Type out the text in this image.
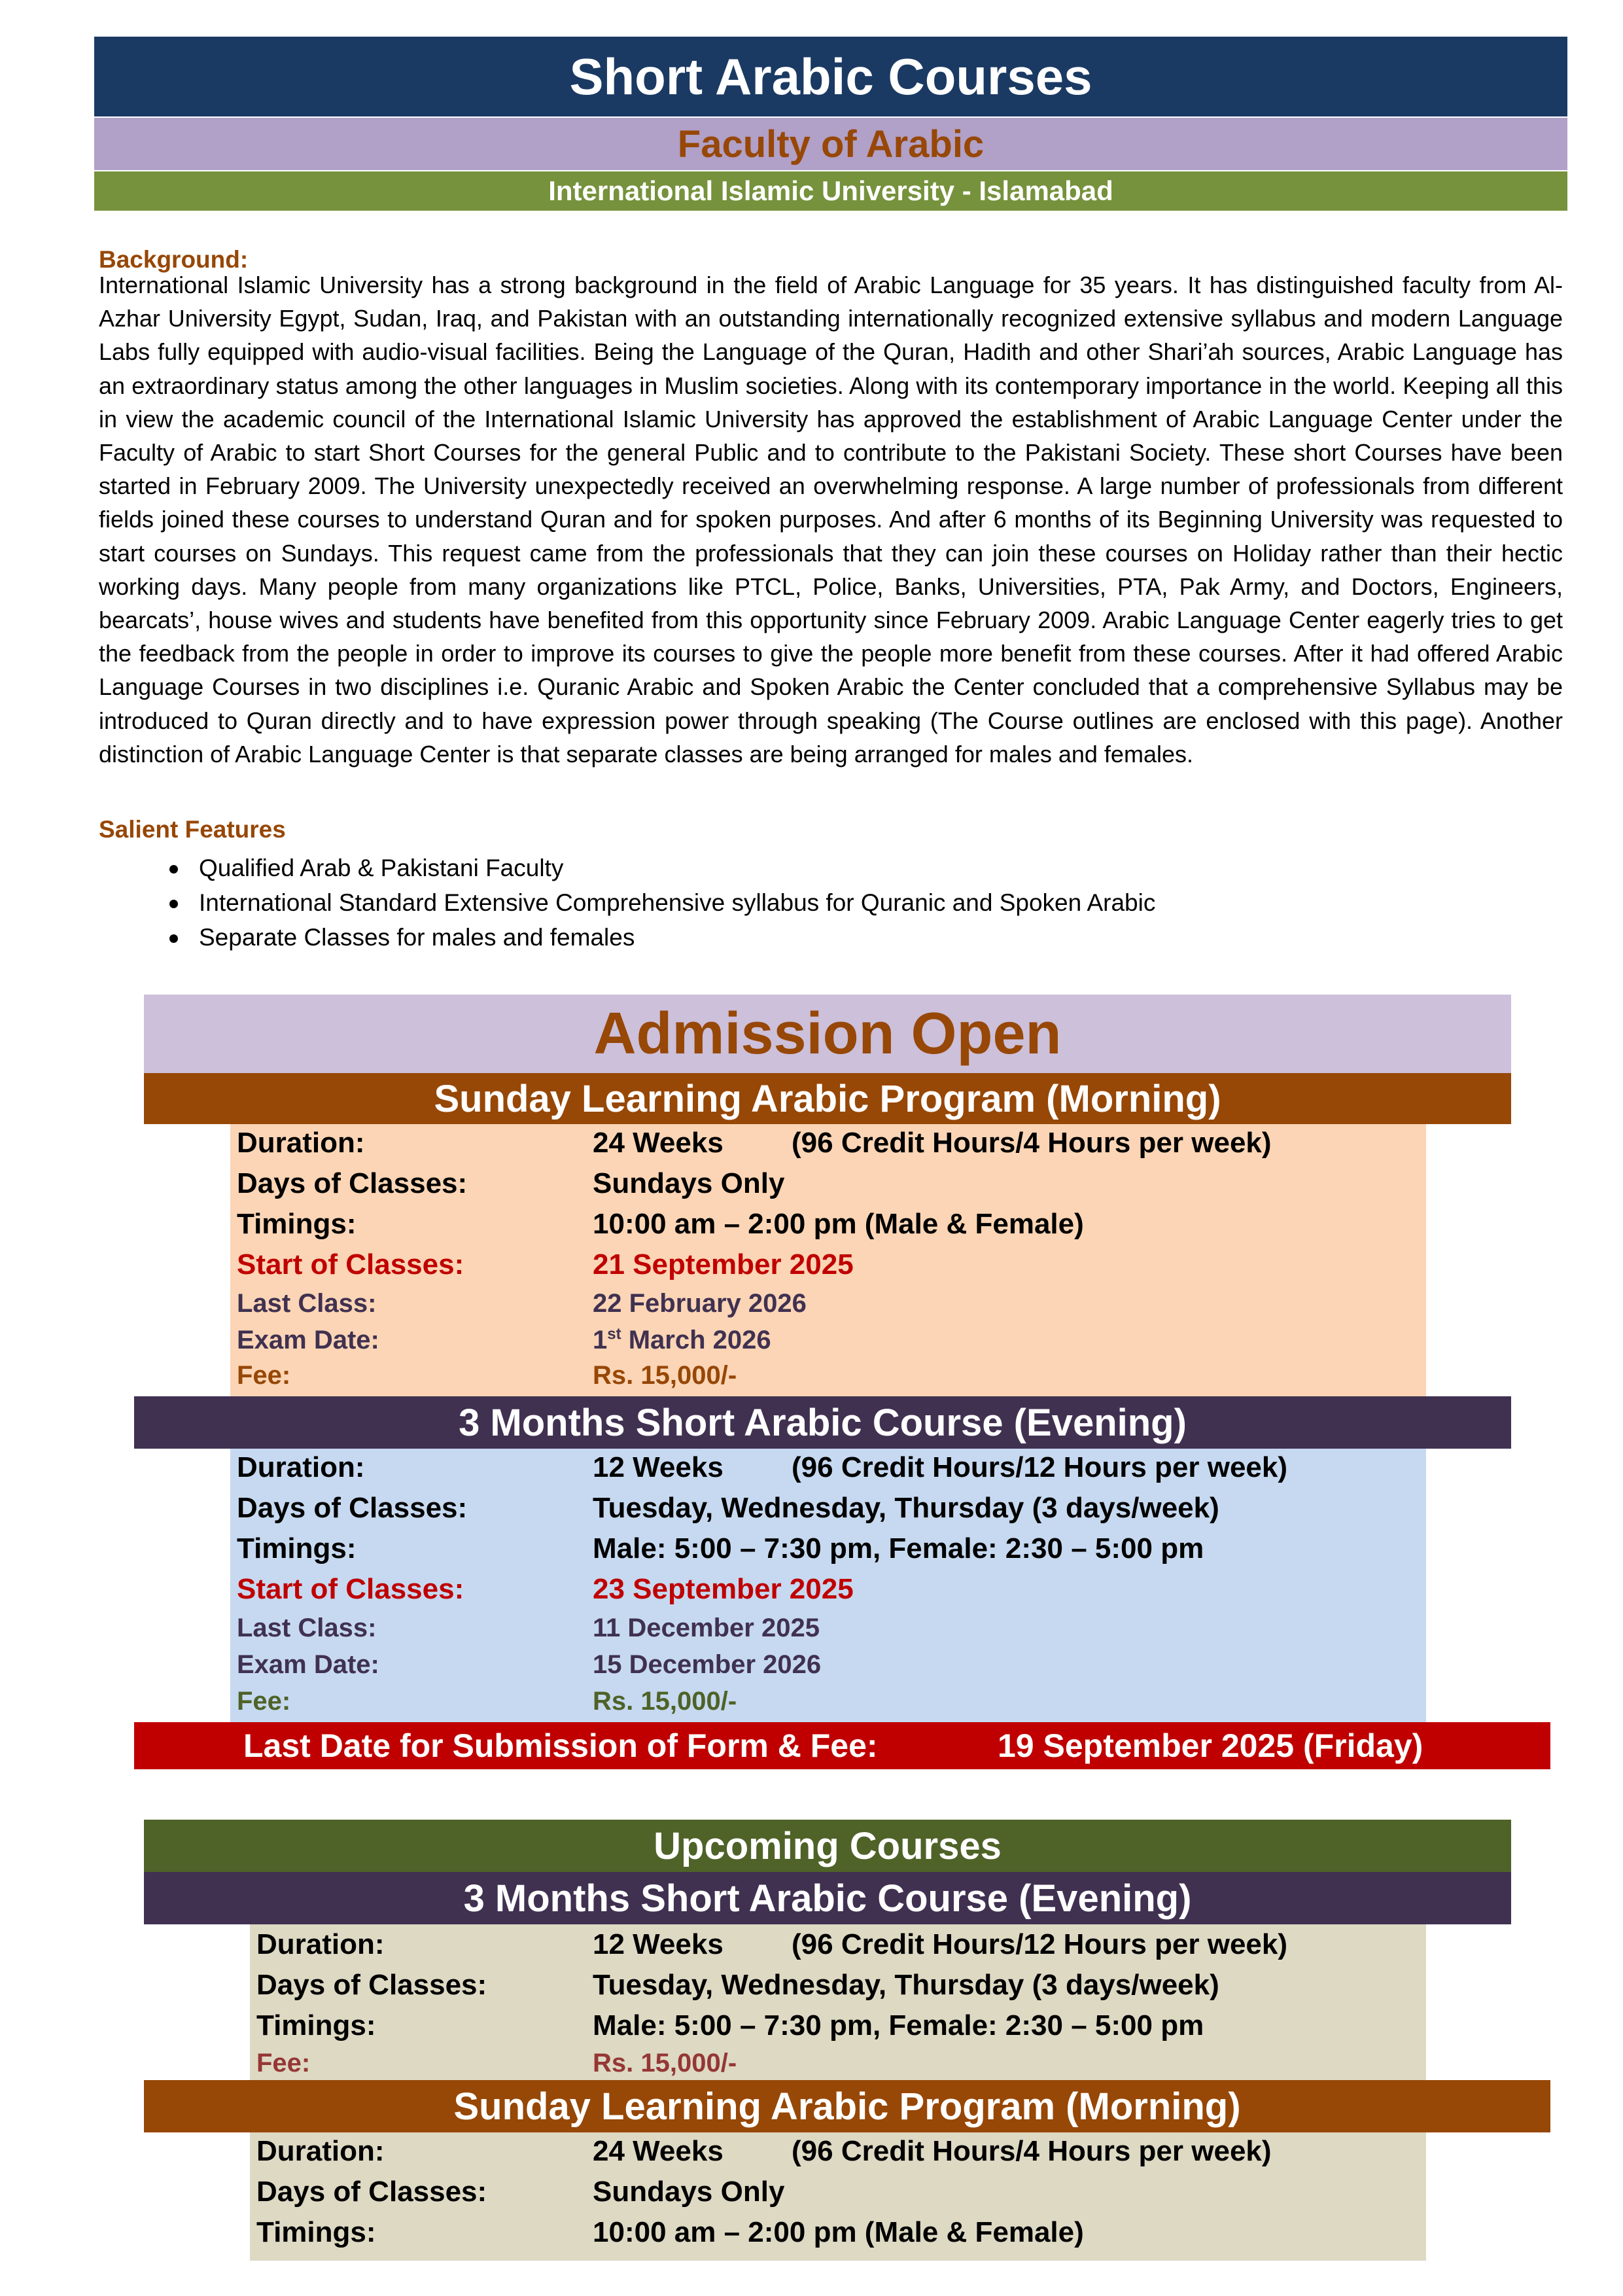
Short Arabic Courses
Faculty of Arabic
International Islamic University - Islamabad
Background:

International Islamic University has a strong background in the field of Arabic Language for 35 years. It has distinguished faculty from Al-Azhar University Egypt, Sudan, Iraq, and Pakistan with an outstanding internationally recognized extensive syllabus and modern Language Labs fully equipped with audio-visual facilities. Being the Language of the Quran, Hadith and other Shari’ah sources, Arabic Language has an extraordinary status among the other languages in Muslim societies. Along with its contemporary importance in the world. Keeping all this in view the academic council of the International Islamic University has approved the establishment of Arabic Language Center under the Faculty of Arabic to start Short Courses for the general Public and to contribute to the Pakistani Society. These short Courses have been started in February 2009. The University unexpectedly received an overwhelming response. A large number of professionals from different fields joined these courses to understand Quran and for spoken purposes. And after 6 months of its Beginning University was requested to start courses on Sundays. This request came from the professionals that they can join these courses on Holiday rather than their hectic working days. Many people from many organizations like PTCL, Police, Banks, Universities, PTA, Pak Army, and Doctors, Engineers, bearcats’, house wives and students have benefited from this opportunity since February 2009. Arabic Language Center eagerly tries to get the feedback from the people in order to improve its courses to give the people more benefit from these courses. After it had offered Arabic Language Courses in two disciplines i.e. Quranic Arabic and Spoken Arabic the Center concluded that a comprehensive Syllabus may be introduced to Quran directly and to have expression power through speaking (The Course outlines are enclosed with this page). Another distinction of Arabic Language Center is that separate classes are being arranged for males and females.

Salient Features
Qualified Arab & Pakistani Faculty
International Standard Extensive Comprehensive syllabus for Quranic and Spoken Arabic
Separate Classes for males and females
Admission Open
Sunday Learning Arabic Program (Morning)
Duration:	24 Weeks (96 Credit Hours/4 Hours per week)
Days of Classes:	Sundays Only
Timings:	10:00 am – 2:00 pm (Male & Female)
Start of Classes:	21 September 2025
Last Class:	22 February 2026
Exam Date:	1st March 2026
Fee:	Rs. 15,000/-
3 Months Short Arabic Course (Evening)
Duration:	12 Weeks (96 Credit Hours/12 Hours per week)
Days of Classes:	Tuesday, Wednesday, Thursday (3 days/week)
Timings:	Male: 5:00 – 7:30 pm, Female: 2:30 – 5:00 pm
Start of Classes:	23 September 2025
Last Class:	11 December 2025
Exam Date:	15 December 2026
Fee:	Rs. 15,000/-
Last Date for Submission of Form & Fee:	19 September 2025 (Friday)
Upcoming Courses
3 Months Short Arabic Course (Evening)
Duration:	12 Weeks (96 Credit Hours/12 Hours per week)
Days of Classes:	Tuesday, Wednesday, Thursday (3 days/week)
Timings:	Male: 5:00 – 7:30 pm, Female: 2:30 – 5:00 pm
Fee:	Rs. 15,000/-
Sunday Learning Arabic Program (Morning)
Duration:	24 Weeks (96 Credit Hours/4 Hours per week)
Days of Classes:	Sundays Only
Timings:	10:00 am – 2:00 pm (Male & Female)
